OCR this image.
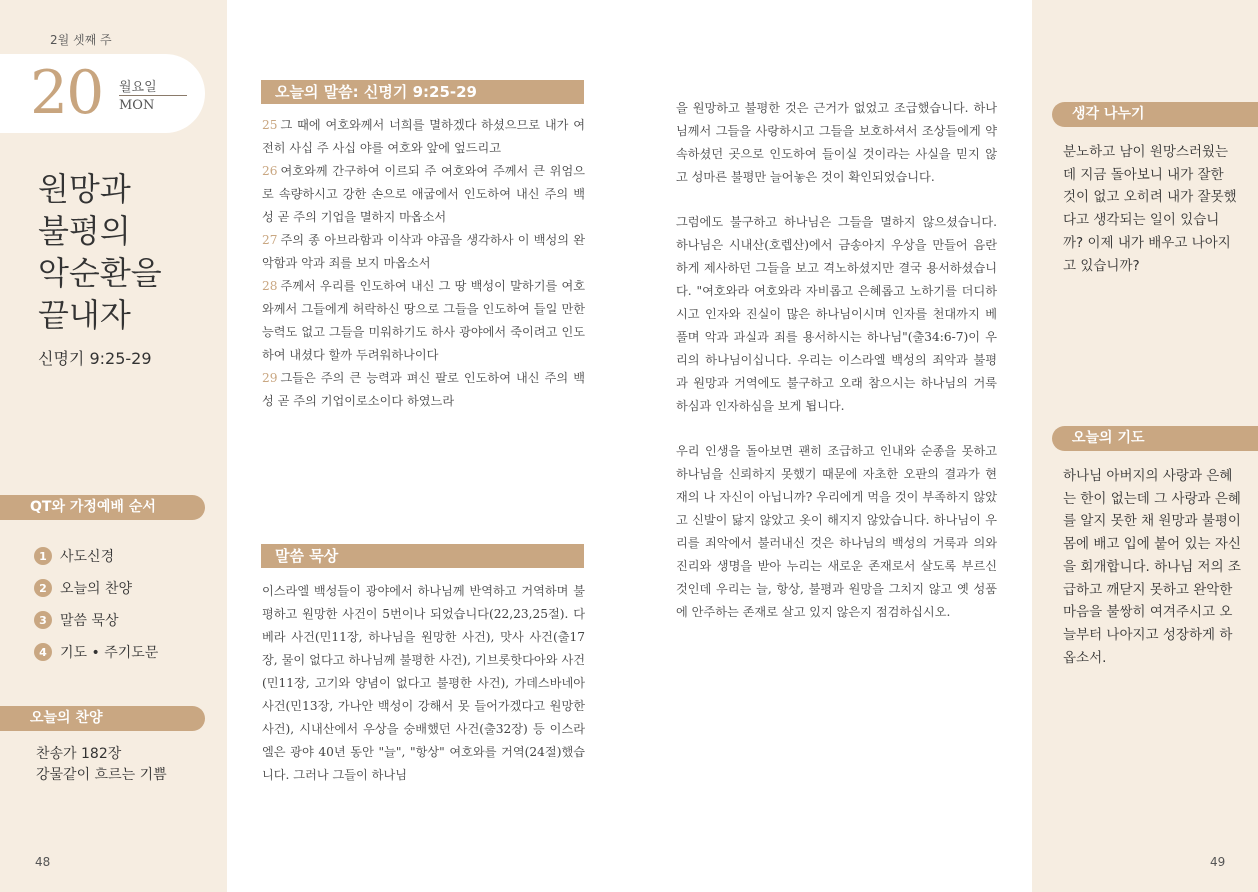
2월 셋째 주
20 월요일
MON
원망과
불평의
악순환을
끝내자
신명기 9:25-29
QT와 가정예배 순서
1 사도신경
2 오늘의 찬양
3 말씀 묵상
4 기도 • 주기도문
오늘의 찬양
찬송가 182장
강물같이 흐르는 기쁨
48
오늘의 말씀: 신명기 9:25-29
25 그 때에 여호와께서 너희를 멸하겠다 하셨으므로 내가 여전히 사십 주 사십 야를 여호와 앞에 엎드리고
26 여호와께 간구하여 이르되 주 여호와여 주께서 큰 위엄으로 속량하시고 강한 손으로 애굽에서 인도하여 내신 주의 백성 곧 주의 기업을 멸하지 마옵소서
27 주의 종 아브라함과 이삭과 야곱을 생각하사 이 백성의 완악함과 악과 죄를 보지 마옵소서
28 주께서 우리를 인도하여 내신 그 땅 백성이 말하기를 여호와께서 그들에게 허락하신 땅으로 그들을 인도하여 들일 만한 능력도 없고 그들을 미워하기도 하사 광야에서 죽이려고 인도하여 내셨다 할까 두려워하나이다
29 그들은 주의 큰 능력과 펴신 팔로 인도하여 내신 주의 백성 곧 주의 기업이로소이다 하였느라
말씀 묵상
이스라엘 백성들이 광야에서 하나님께 반역하고 거역하며 불평하고 원망한 사건이 5번이나 되었습니다(22,23,25절). 다베라 사건(민11장, 하나님을 원망한 사건), 맛사 사건(출17장, 물이 없다고 하나님께 불평한 사건), 기브롯핫다아와 사건(민11장, 고기와 양념이 없다고 불평한 사건), 가데스바네아 사건(민13장, 가나안 백성이 강해서 못 들어가겠다고 원망한 사건), 시내산에서 우상을 숭배했던 사건(출32장) 등 이스라엘은 광야 40년 동안 "늘", "항상" 여호와를 거역(24절)했습니다. 그러나 그들이 하나님

을 원망하고 불평한 것은 근거가 없었고 조급했습니다. 하나님께서 그들을 사랑하시고 그들을 보호하셔서 조상들에게 약속하셨던 곳으로 인도하여 들이실 것이라는 사실을 믿지 않고 성마른 불평만 늘어놓은 것이 확인되었습니다.

그럼에도 불구하고 하나님은 그들을 멸하지 않으셨습니다. 하나님은 시내산(호렙산)에서 금송아지 우상을 만들어 음란하게 제사하던 그들을 보고 격노하셨지만 결국 용서하셨습니다. "여호와라 여호와라 자비롭고 은혜롭고 노하기를 더디하시고 인자와 진실이 많은 하나님이시며 인자를 천대까지 베풀며 악과 과실과 죄를 용서하시는 하나님"(출34:6-7)이 우리의 하나님이십니다. 우리는 이스라엘 백성의 죄악과 불평과 원망과 거역에도 불구하고 오래 참으시는 하나님의 거룩하심과 인자하심을 보게 됩니다.

우리 인생을 돌아보면 괜히 조급하고 인내와 순종을 못하고 하나님을 신뢰하지 못했기 때문에 자초한 오판의 결과가 현재의 나 자신이 아닙니까? 우리에게 먹을 것이 부족하지 않았고 신발이 닳지 않았고 옷이 해지지 않았습니다. 하나님이 우리를 죄악에서 불러내신 것은 하나님의 백성의 거룩과 의와 진리와 생명을 받아 누리는 새로운 존재로서 살도록 부르신 것인데 우리는 늘, 항상, 불평과 원망을 그치지 않고 옛 성품에 안주하는 존재로 살고 있지 않은지 점검하십시오.

생각 나누기
분노하고 남이 원망스러웠는데 지금 돌아보니 내가 잘한 것이 없고 오히려 내가 잘못했다고 생각되는 일이 있습니까? 이제 내가 배우고 나아지고 있습니까?
오늘의 기도
하나님 아버지의 사랑과 은혜는 한이 없는데 그 사랑과 은혜를 알지 못한 채 원망과 불평이 몸에 배고 입에 붙어 있는 자신을 회개합니다. 하나님 저의 조급하고 깨닫지 못하고 완악한 마음을 불쌍히 여겨주시고 오늘부터 나아지고 성장하게 하옵소서.
49
